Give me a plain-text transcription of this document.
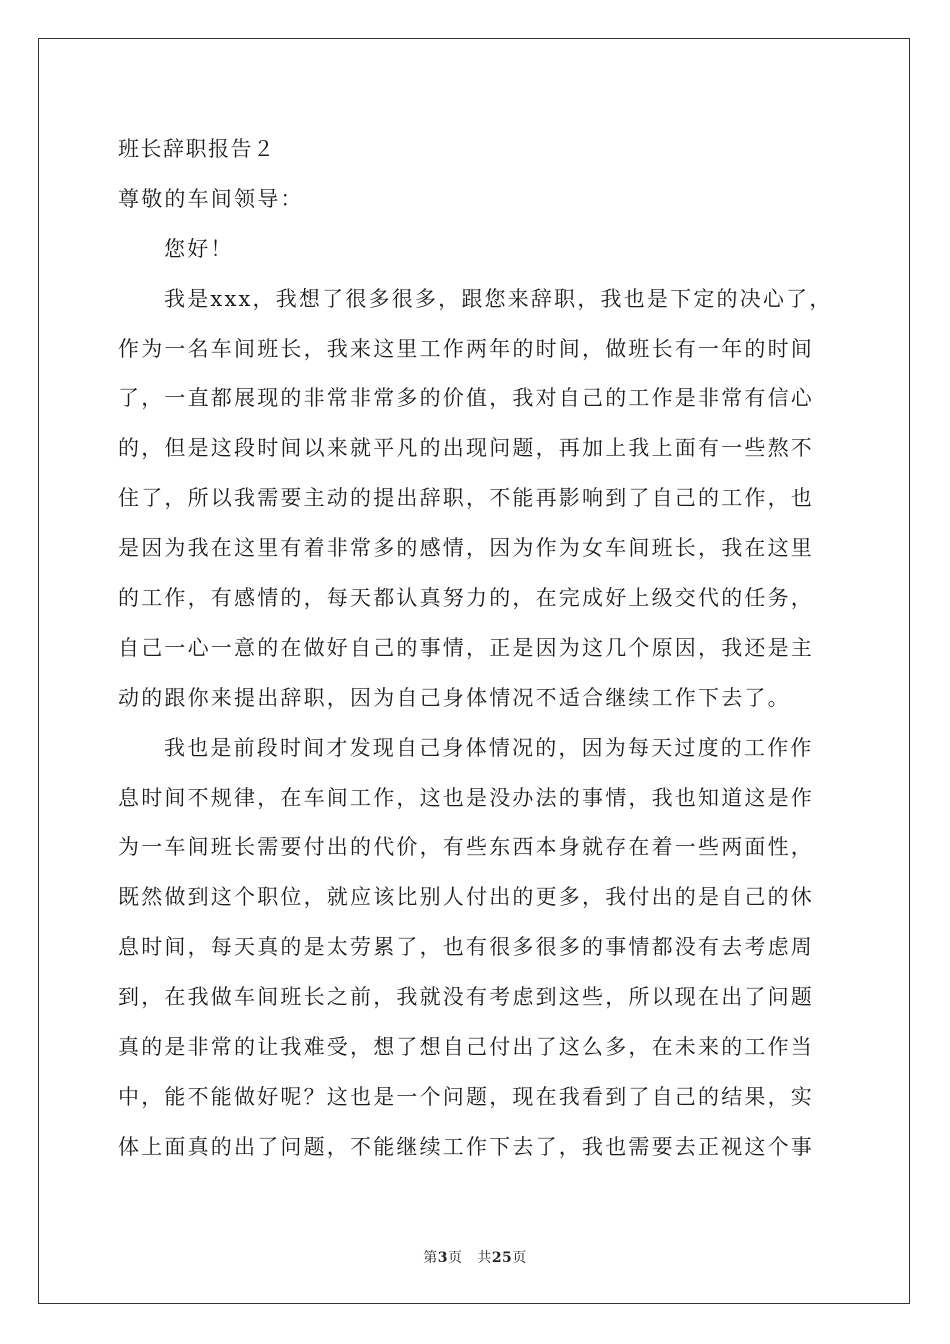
班长辞职报告２
尊敬的车间领导：
您好！
我是xxx，我想了很多很多，跟您来辞职，我也是下定的决心了，
作为一名车间班长，我来这里工作两年的时间，做班长有一年的时间
了，一直都展现的非常非常多的价值，我对自己的工作是非常有信心
的，但是这段时间以来就平凡的出现问题，再加上我上面有一些熬不
住了，所以我需要主动的提出辞职，不能再影响到了自己的工作，也
是因为我在这里有着非常多的感情，因为作为女车间班长，我在这里
的工作，有感情的，每天都认真努力的，在完成好上级交代的任务，
自己一心一意的在做好自己的事情，正是因为这几个原因，我还是主
动的跟你来提出辞职，因为自己身体情况不适合继续工作下去了。
我也是前段时间才发现自己身体情况的，因为每天过度的工作作
息时间不规律，在车间工作，这也是没办法的事情，我也知道这是作
为一车间班长需要付出的代价，有些东西本身就存在着一些两面性，
既然做到这个职位，就应该比别人付出的更多，我付出的是自己的休
息时间，每天真的是太劳累了，也有很多很多的事情都没有去考虑周
到，在我做车间班长之前，我就没有考虑到这些，所以现在出了问题
真的是非常的让我难受，想了想自己付出了这么多，在未来的工作当
中，能不能做好呢？这也是一个问题，现在我看到了自己的结果，实
体上面真的出了问题，不能继续工作下去了，我也需要去正视这个事
第3页 共25页
